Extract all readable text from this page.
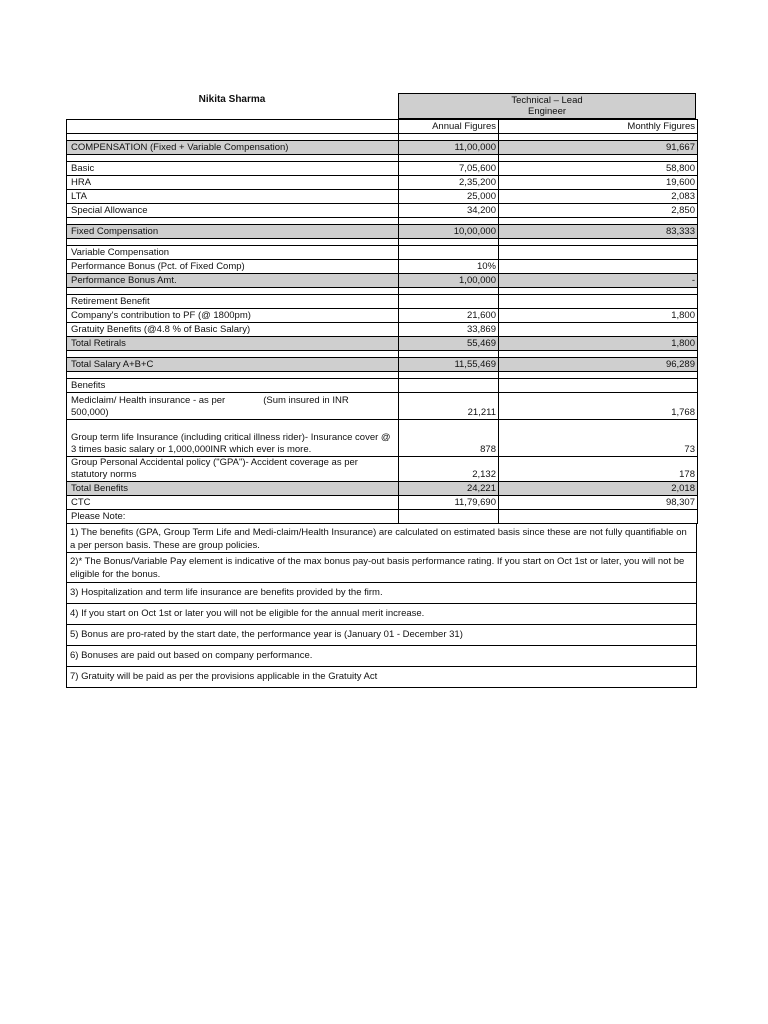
Nikita Sharma	Technical – Lead
Engineer
	Annual Figures	Monthly Figures

COMPENSATION (Fixed + Variable Compensation)	11,00,000	91,667

Basic	7,05,600	58,800
HRA	2,35,200	19,600
LTA	25,000	2,083
Special Allowance	34,200	2,850

Fixed Compensation	10,00,000	83,333

Variable Compensation		
Performance Bonus (Pct. of Fixed Comp)	10%	
Performance Bonus Amt.	1,00,000	-

Retirement Benefit		
Company's contribution to PF (@ 1800pm)	21,600	1,800
Gratuity Benefits (@4.8 % of Basic Salary)	33,869	
Total Retirals	55,469	1,800

Total Salary A+B+C	11,55,469	96,289

Benefits		
Mediclaim/ Health insurance - as per (Sum insured in INR
500,000)	21,211	1,768
Group term life Insurance (including critical illness rider)- Insurance cover @ 3 times basic salary or 1,000,000INR which ever is more.	878	73
Group Personal Accidental policy ("GPA")- Accident coverage as per statutory norms	2,132	178
Total Benefits	24,221	2,018
CTC	11,79,690	98,307
Please Note:		
1) The benefits (GPA, Group Term Life and Medi-claim/Health Insurance) are calculated on estimated basis since these are not fully quantifiable on a per person basis. These are group policies.
2)* The Bonus/Variable Pay element is indicative of the max bonus pay-out basis performance rating. If you start on Oct 1st or later, you will not be eligible for the bonus.
3) Hospitalization and term life insurance are benefits provided by the firm.
4) If you start on Oct 1st or later you will not be eligible for the annual merit increase.
5) Bonus are pro-rated by the start date, the performance year is (January 01 - December 31)
6) Bonuses are paid out based on company performance.
7) Gratuity will be paid as per the provisions applicable in the Gratuity Act
